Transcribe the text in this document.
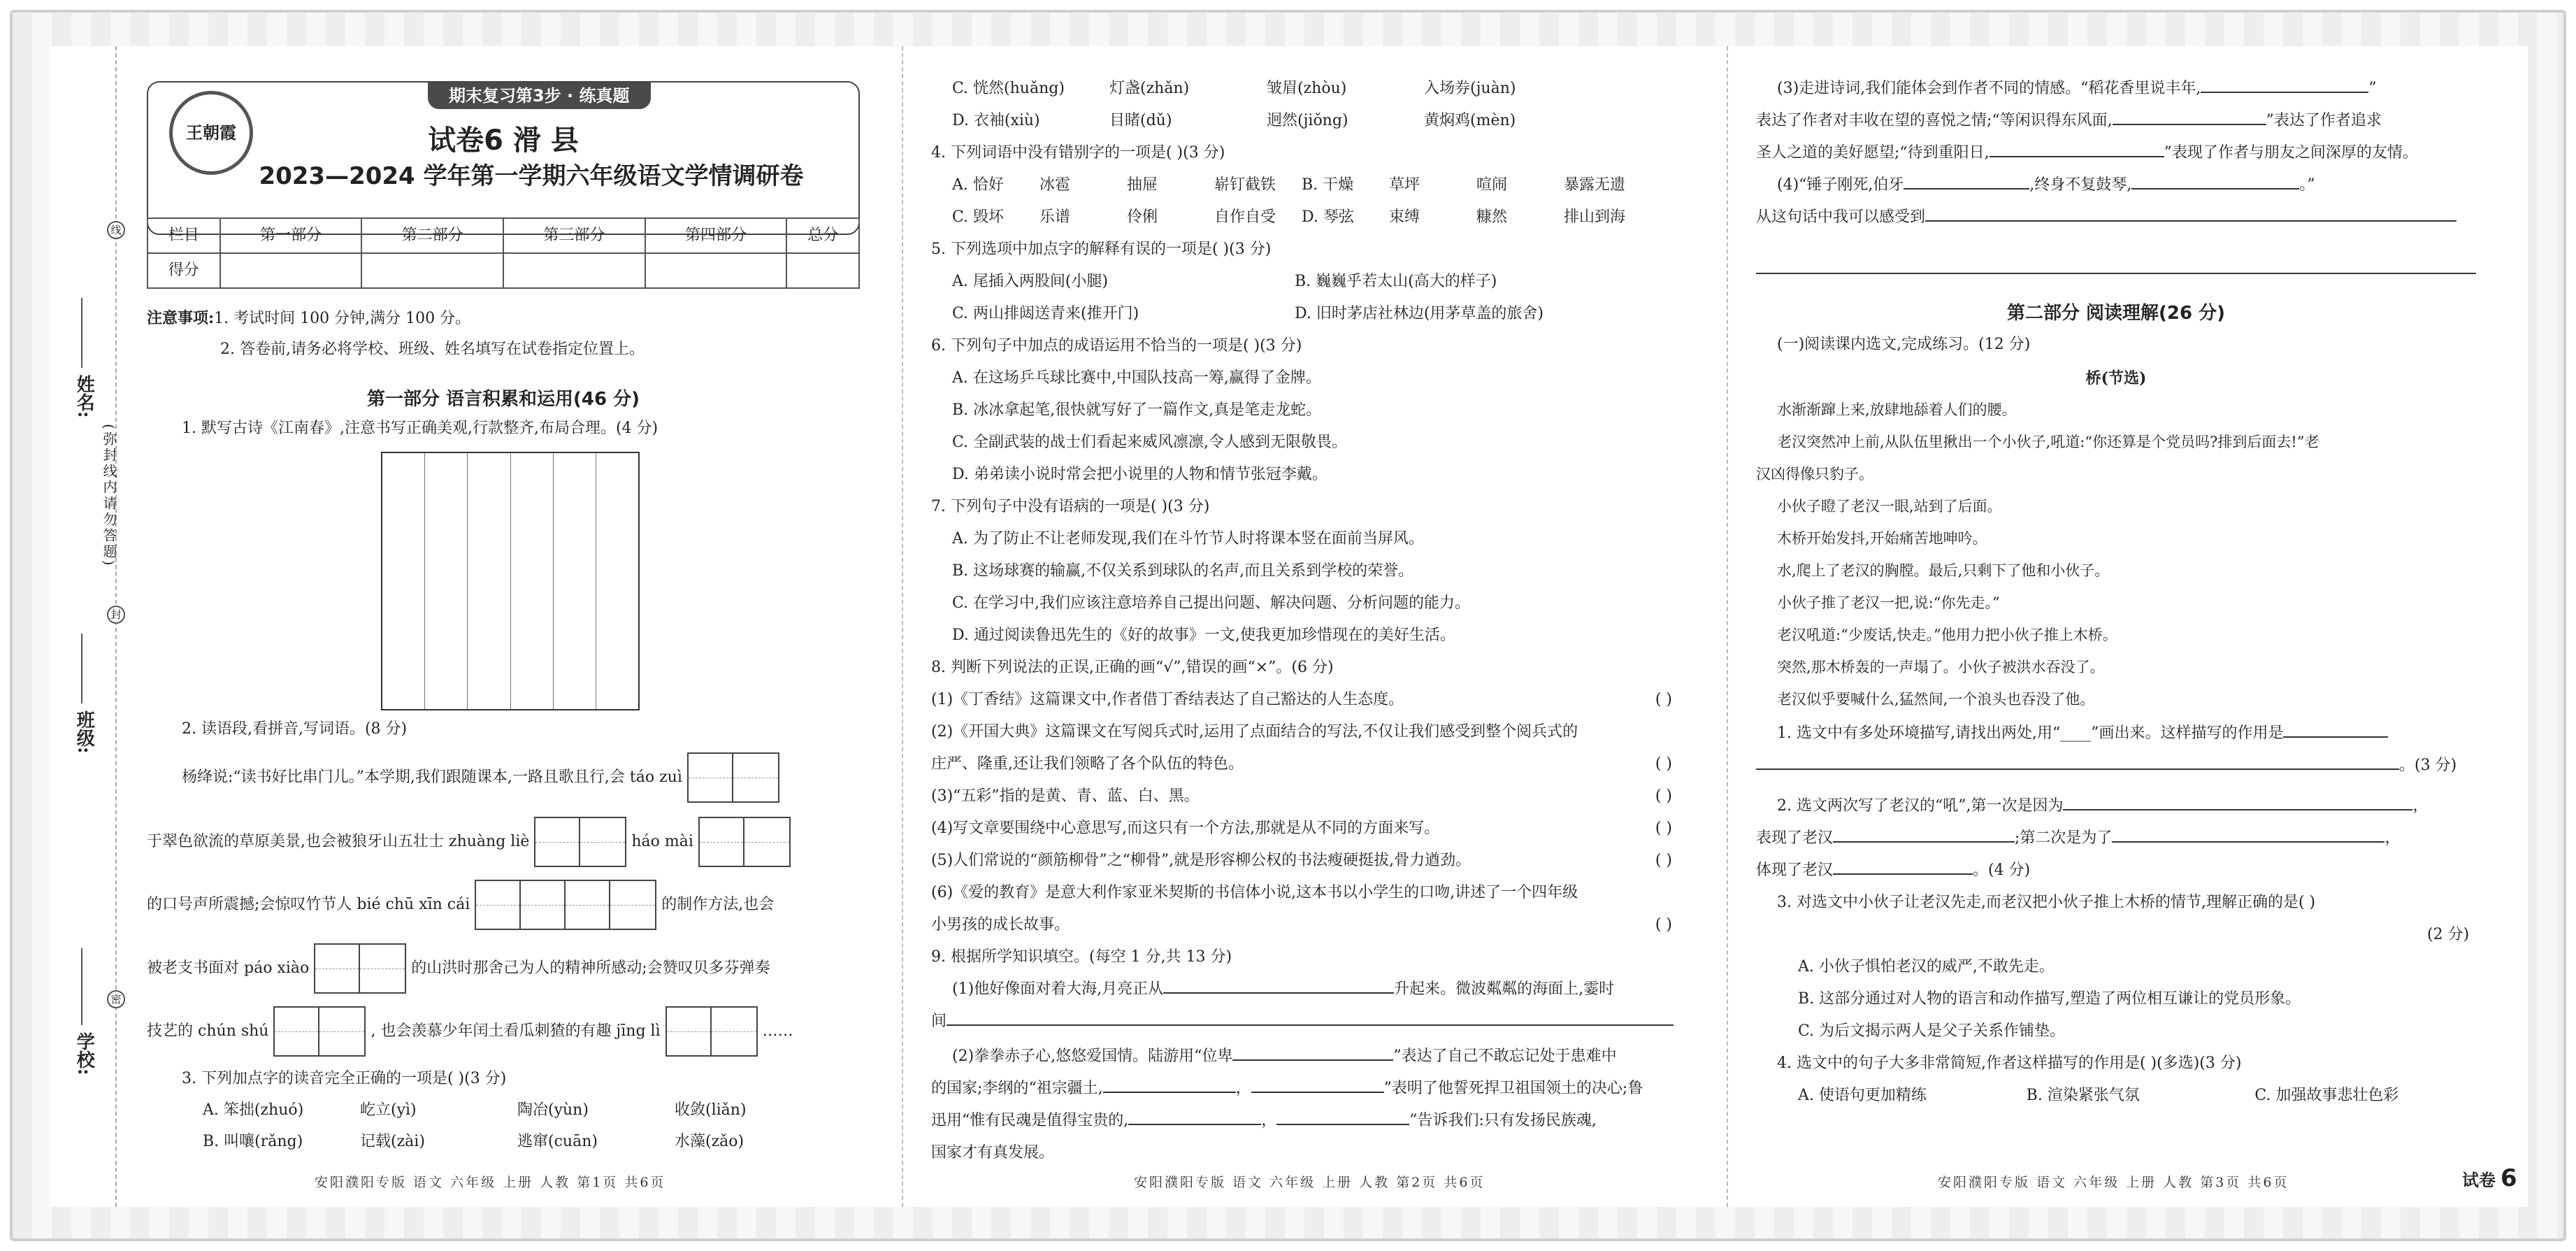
线
封
密
姓名:
班级:
学校:
(弥封线内请勿答题)
王朝霞
期末复习第3步 · 练真题
试卷6 滑 县
2023—2024 学年第一学期六年级语文学情调研卷
栏目	第一部分	第二部分	第三部分	第四部分	总分
得分					
注意事项:1. 考试时间 100 分钟,满分 100 分。
2. 答卷前,请务必将学校、班级、姓名填写在试卷指定位置上。
第一部分 语言积累和运用(46 分)
1. 默写古诗《江南春》,注意书写正确美观,行款整齐,布局合理。(4 分)
2. 读语段,看拼音,写词语。(8 分)
杨绛说:“读书好比串门儿。”本学期,我们跟随课本,一路且歌且行,会 táo zuì
于翠色欲流的草原美景,也会被狼牙山五壮士 zhuàng liè	háo mài
的口号声所震撼;会惊叹竹节人 bié chū xīn cái	的制作方法,也会
被老支书面对 páo xiào	的山洪时那舍己为人的精神所感动;会赞叹贝多芬弹奏
技艺的 chún shú	, 也会羡慕少年闰土看瓜刺猹的有趣 jīng lì	……
3. 下列加点字的读音完全正确的一项是( )(3 分)
A. 笨拙(zhuó)	屹立(yì)	陶冶(yùn)	收敛(liǎn)
B. 叫嚷(rǎng)	记载(zài)	逃窜(cuān)	水藻(zǎo)
安阳濮阳专版 语文 六年级 上册 人教 第1页 共6页
C. 恍然(huǎng)	灯盏(zhǎn)	皱眉(zhòu)	入场券(juàn)
D. 衣袖(xiù)	目睹(dǔ)	迥然(jiǒng)	黄焖鸡(mèn)
4. 下列词语中没有错别字的一项是( )(3 分)
A. 恰好	冰雹	抽屉	崭钉截铁	B. 干燥	草坪	喧闹	暴露无遗
C. 毁坏	乐谱	伶俐	自作自受	D. 琴弦	束缚	糠然	排山到海
5. 下列选项中加点字的解释有误的一项是( )(3 分)
A. 尾插入两股间(小腿)	B. 巍巍乎若太山(高大的样子)
C. 两山排闼送青来(推开门)	D. 旧时茅店社林边(用茅草盖的旅舍)
6. 下列句子中加点的成语运用不恰当的一项是( )(3 分)
A. 在这场乒乓球比赛中,中国队技高一筹,赢得了金牌。
B. 冰冰拿起笔,很快就写好了一篇作文,真是笔走龙蛇。
C. 全副武装的战士们看起来威风凛凛,令人感到无限敬畏。
D. 弟弟读小说时常会把小说里的人物和情节张冠李戴。
7. 下列句子中没有语病的一项是( )(3 分)
A. 为了防止不让老师发现,我们在斗竹节人时将课本竖在面前当屏风。
B. 这场球赛的输赢,不仅关系到球队的名声,而且关系到学校的荣誉。
C. 在学习中,我们应该注意培养自己提出问题、解决问题、分析问题的能力。
D. 通过阅读鲁迅先生的《好的故事》一文,使我更加珍惜现在的美好生活。
8. 判断下列说法的正误,正确的画“√”,错误的画“×”。(6 分)
(1)《丁香结》这篇课文中,作者借丁香结表达了自己豁达的人生态度。	( )
(2)《开国大典》这篇课文在写阅兵式时,运用了点面结合的写法,不仅让我们感受到整个阅兵式的
庄严、隆重,还让我们领略了各个队伍的特色。	( )
(3)“五彩”指的是黄、青、蓝、白、黑。	( )
(4)写文章要围绕中心意思写,而这只有一个方法,那就是从不同的方面来写。	( )
(5)人们常说的“颜筋柳骨”之“柳骨”,就是形容柳公权的书法瘦硬挺拔,骨力遒劲。	( )
(6)《爱的教育》是意大利作家亚米契斯的书信体小说,这本书以小学生的口吻,讲述了一个四年级
小男孩的成长故事。	( )
9. 根据所学知识填空。(每空 1 分,共 13 分)
(1)他好像面对着大海,月亮正从	升起来。微波粼粼的海面上,霎时
间
(2)拳拳赤子心,悠悠爱国情。陆游用“位卑	”表达了自己不敢忘记处于患难中
的国家;李纲的“祖宗疆土,	，	”表明了他誓死捍卫祖国领土的决心;鲁
迅用“惟有民魂是值得宝贵的,	，	”告诉我们:只有发扬民族魂,
国家才有真发展。
安阳濮阳专版 语文 六年级 上册 人教 第2页 共6页
(3)走进诗词,我们能体会到作者不同的情感。“稻花香里说丰年,	”
表达了作者对丰收在望的喜悦之情;“等闲识得东风面,	”表达了作者追求
圣人之道的美好愿望;“待到重阳日,	”表现了作者与朋友之间深厚的友情。
(4)“锤子刚死,伯牙	,终身不复鼓琴,	。”
从这句话中我可以感受到

第二部分 阅读理解(26 分)
(一)阅读课内选文,完成练习。(12 分)
桥(节选)
水渐渐蹿上来,放肆地舔着人们的腰。
老汉突然冲上前,从队伍里揪出一个小伙子,吼道:“你还算是个党员吗?排到后面去!”老
汉凶得像只豹子。
小伙子瞪了老汉一眼,站到了后面。
木桥开始发抖,开始痛苦地呻吟。
水,爬上了老汉的胸膛。最后,只剩下了他和小伙子。
小伙子推了老汉一把,说:“你先走。”
老汉吼道:“少废话,快走。”他用力把小伙子推上木桥。
突然,那木桥轰的一声塌了。小伙子被洪水吞没了。
老汉似乎要喊什么,猛然间,一个浪头也吞没了他。
1. 选文中有多处环境描写,请找出两处,用“____”画出来。这样描写的作用是
。(3 分)
2. 选文两次写了老汉的“吼”,第一次是因为	，
表现了老汉	;第二次是为了	，
体现了老汉	。(4 分)
3. 对选文中小伙子让老汉先走,而老汉把小伙子推上木桥的情节,理解正确的是( )
(2 分)
A. 小伙子惧怕老汉的威严,不敢先走。
B. 这部分通过对人物的语言和动作描写,塑造了两位相互谦让的党员形象。
C. 为后文揭示两人是父子关系作铺垫。
4. 选文中的句子大多非常简短,作者这样描写的作用是( )(多选)(3 分)
A. 使语句更加精练	B. 渲染紧张气氛	C. 加强故事悲壮色彩
安阳濮阳专版 语文 六年级 上册 人教 第3页 共6页	试卷 6
